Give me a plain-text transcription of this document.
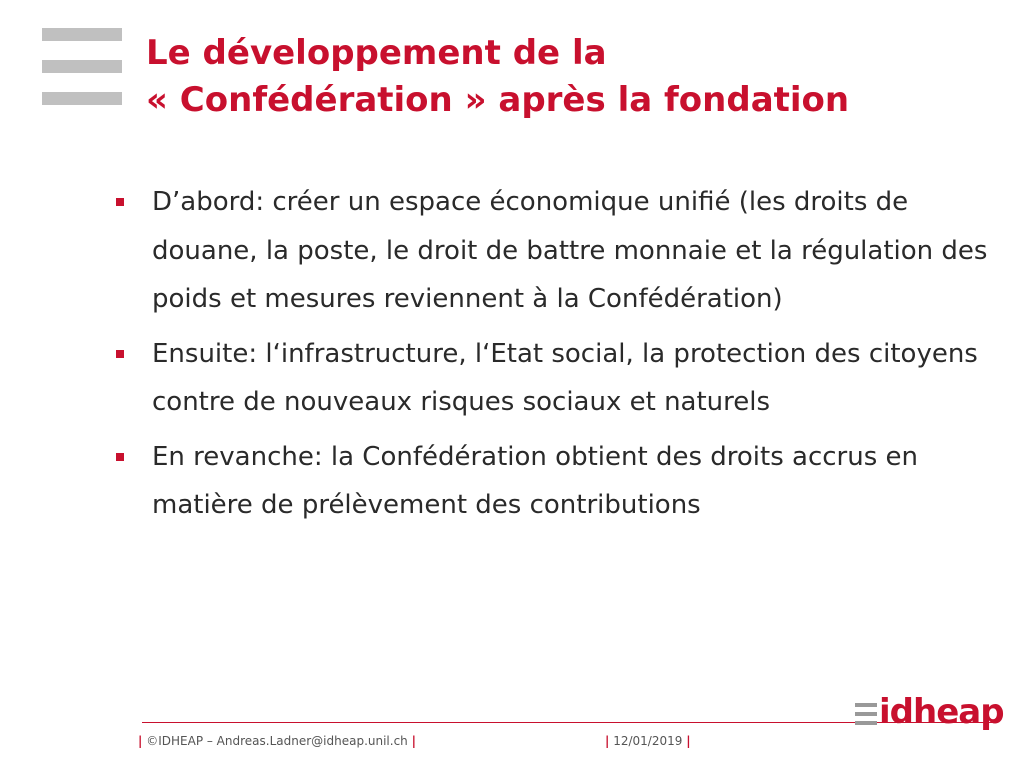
Le développement de la
« Confédération » après la fondation
D’abord: créer un espace économique unifié (les droits de douane, la poste, le droit de battre monnaie et la régulation des poids et mesures reviennent à la Confédération)
Ensuite: l‘infrastructure, l‘Etat social, la protection des citoyens contre de nouveaux risques sociaux et naturels
En revanche: la Confédération obtient des droits accrus en matière de prélèvement des contributions
| ©IDHEAP – Andreas.Ladner@idheap.unil.ch |	| 12/01/2019 |
idheap
